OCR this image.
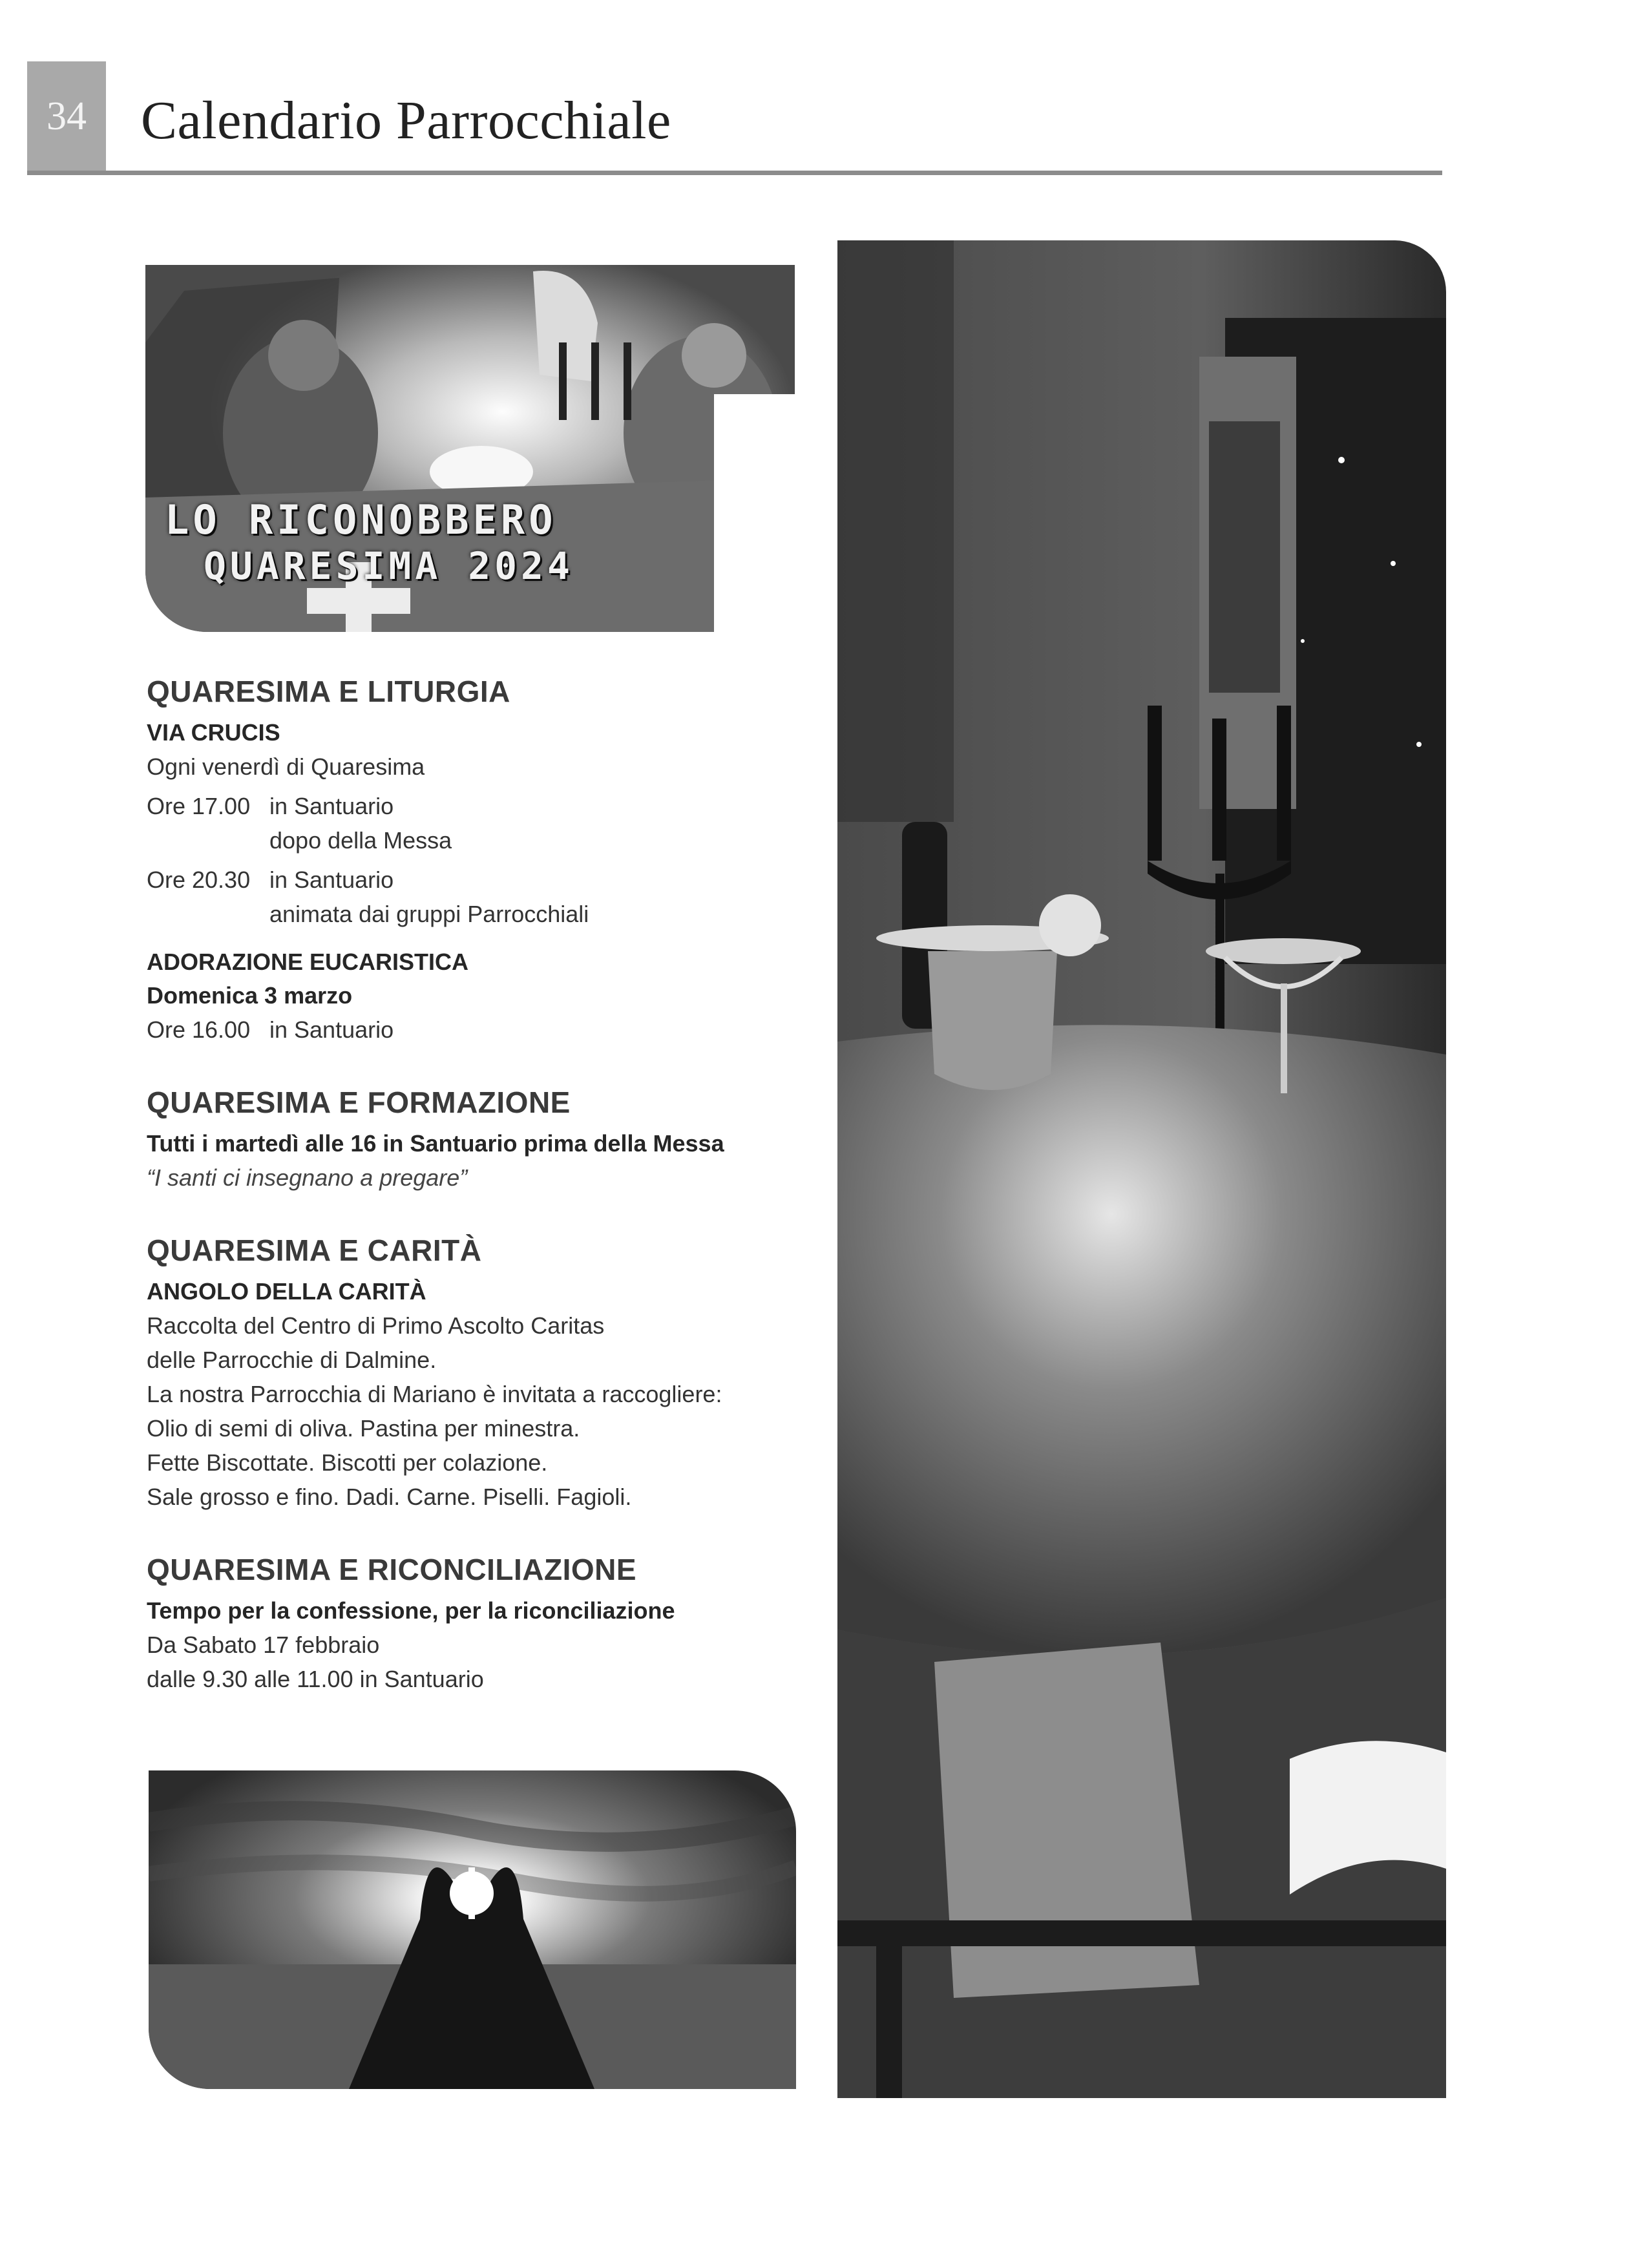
34 Calendario Parrocchiale
LO RICONOBBERO
QUARESIMA 2024
QUARESIMA E LITURGIA

VIA CRUCIS

Ogni venerdì di Quaresima

Ore 17.00 in Santuario

dopo della Messa

Ore 20.30 in Santuario

animata dai gruppi Parrocchiali

ADORAZIONE EUCARISTICA

Domenica 3 marzo

Ore 16.00 in Santuario
QUARESIMA E FORMAZIONE

Tutti i martedì alle 16 in Santuario prima della Messa

“I santi ci insegnano a pregare”

QUARESIMA E CARITÀ

ANGOLO DELLA CARITÀ

Raccolta del Centro di Primo Ascolto Caritas

delle Parrocchie di Dalmine.

La nostra Parrocchia di Mariano è invitata a raccogliere:

Olio di semi di oliva. Pastina per minestra.

Fette Biscottate. Biscotti per colazione.

Sale grosso e fino. Dadi. Carne. Piselli. Fagioli.

QUARESIMA E RICONCILIAZIONE

Tempo per la confessione, per la riconciliazione

Da Sabato 17 febbraio

dalle 9.30 alle 11.00 in Santuario
